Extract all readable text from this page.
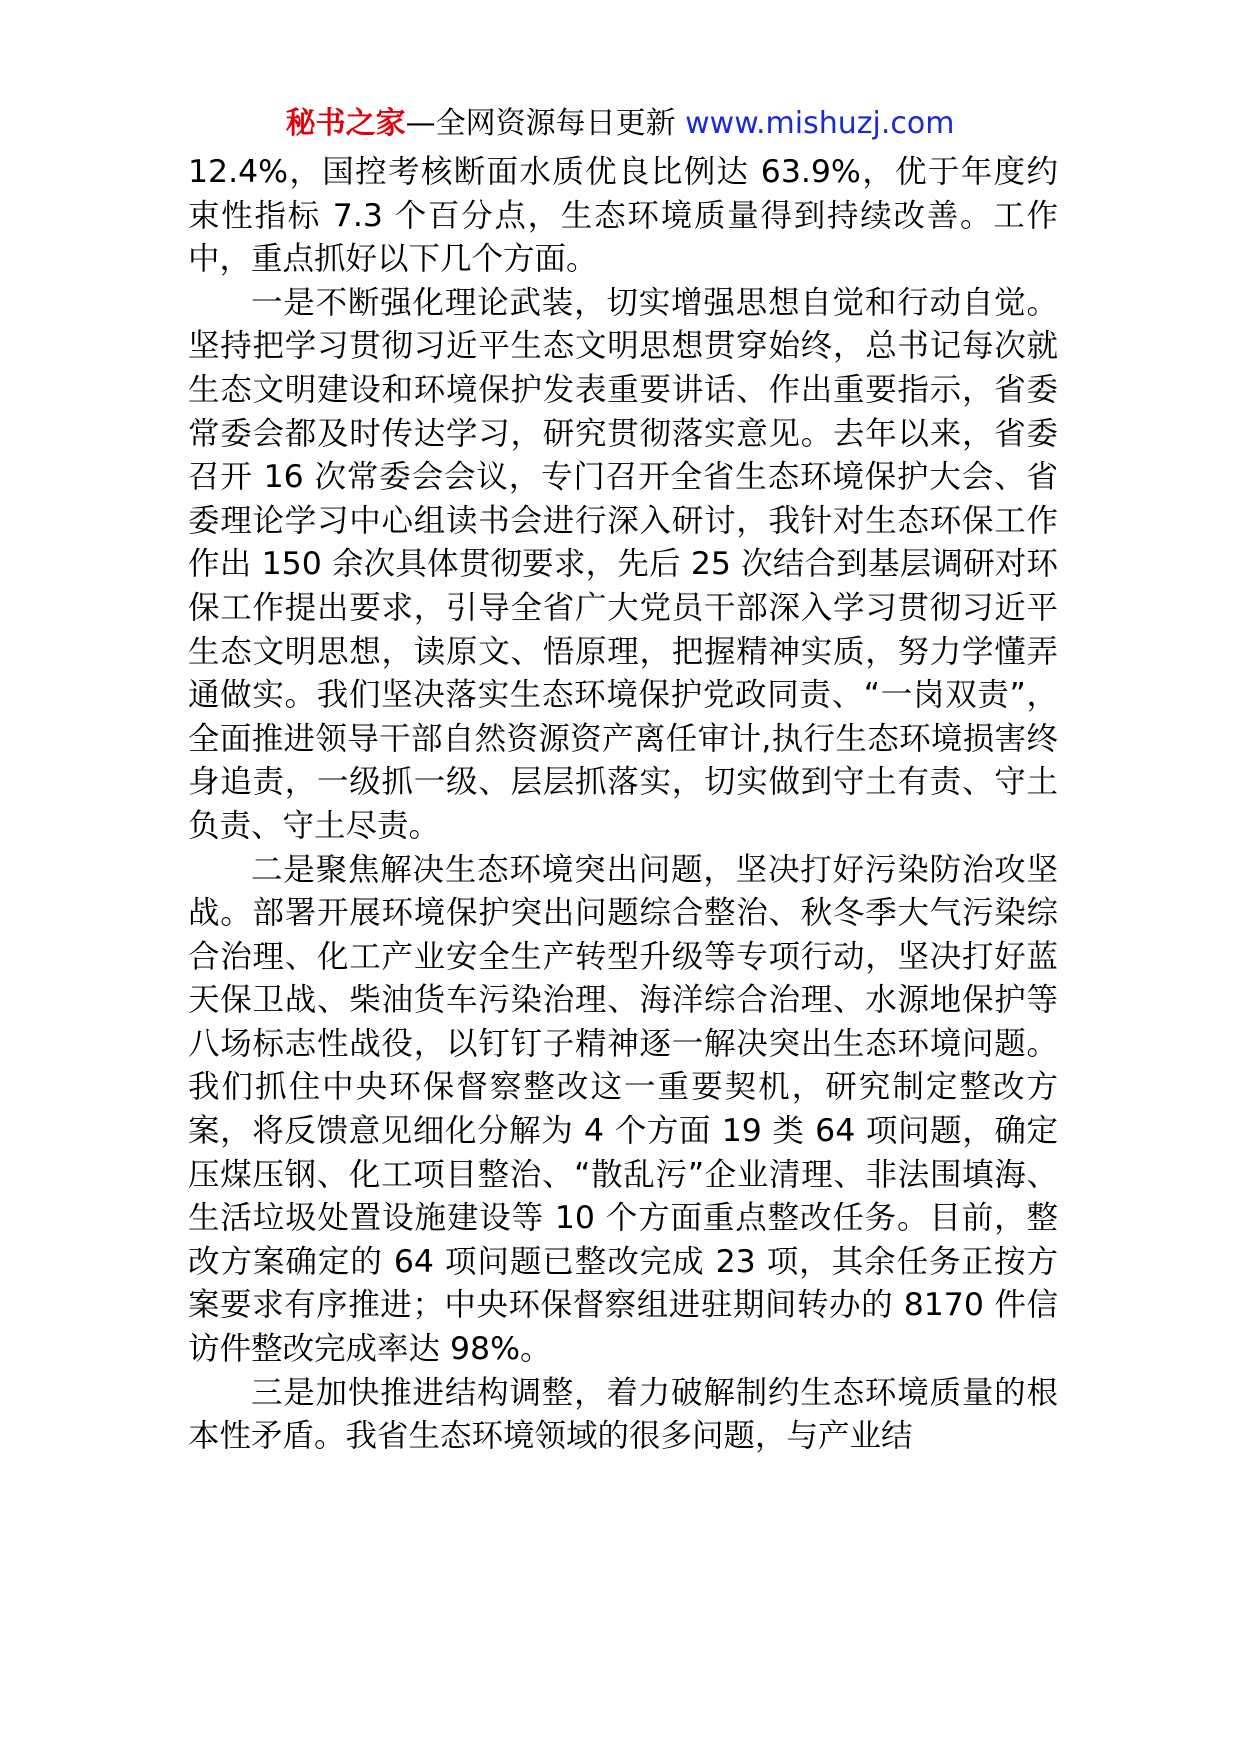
秘书之家—全网资源每日更新 www.mishuzj.com

12.4%，国控考核断面水质优良比例达 63.9%，优于年度约束性指标 7.3 个百分点，生态环境质量得到持续改善。工作中，重点抓好以下几个方面。

一是不断强化理论武装，切实增强思想自觉和行动自觉。坚持把学习贯彻习近平生态文明思想贯穿始终，总书记每次就生态文明建设和环境保护发表重要讲话、作出重要指示，省委常委会都及时传达学习，研究贯彻落实意见。去年以来，省委召开 16 次常委会会议，专门召开全省生态环境保护大会、省委理论学习中心组读书会进行深入研讨，我针对生态环保工作作出 150 余次具体贯彻要求，先后 25 次结合到基层调研对环保工作提出要求，引导全省广大党员干部深入学习贯彻习近平生态文明思想，读原文、悟原理，把握精神实质，努力学懂弄通做实。我们坚决落实生态环境保护党政同责、“一岗双责”，全面推进领导干部自然资源资产离任审计,执行生态环境损害终身追责，一级抓一级、层层抓落实，切实做到守土有责、守土负责、守土尽责。

二是聚焦解决生态环境突出问题，坚决打好污染防治攻坚战。部署开展环境保护突出问题综合整治、秋冬季大气污染综合治理、化工产业安全生产转型升级等专项行动，坚决打好蓝天保卫战、柴油货车污染治理、海洋综合治理、水源地保护等八场标志性战役，以钉钉子精神逐一解决突出生态环境问题。我们抓住中央环保督察整改这一重要契机，研究制定整改方案，将反馈意见细化分解为 4 个方面 19 类 64 项问题，确定压煤压钢、化工项目整治、“散乱污”企业清理、非法围填海、生活垃圾处置设施建设等 10 个方面重点整改任务。目前，整改方案确定的 64 项问题已整改完成 23 项，其余任务正按方案要求有序推进；中央环保督察组进驻期间转办的 8170 件信访件整改完成率达 98%。

三是加快推进结构调整，着力破解制约生态环境质量的根本性矛盾。我省生态环境领域的很多问题，与产业结
